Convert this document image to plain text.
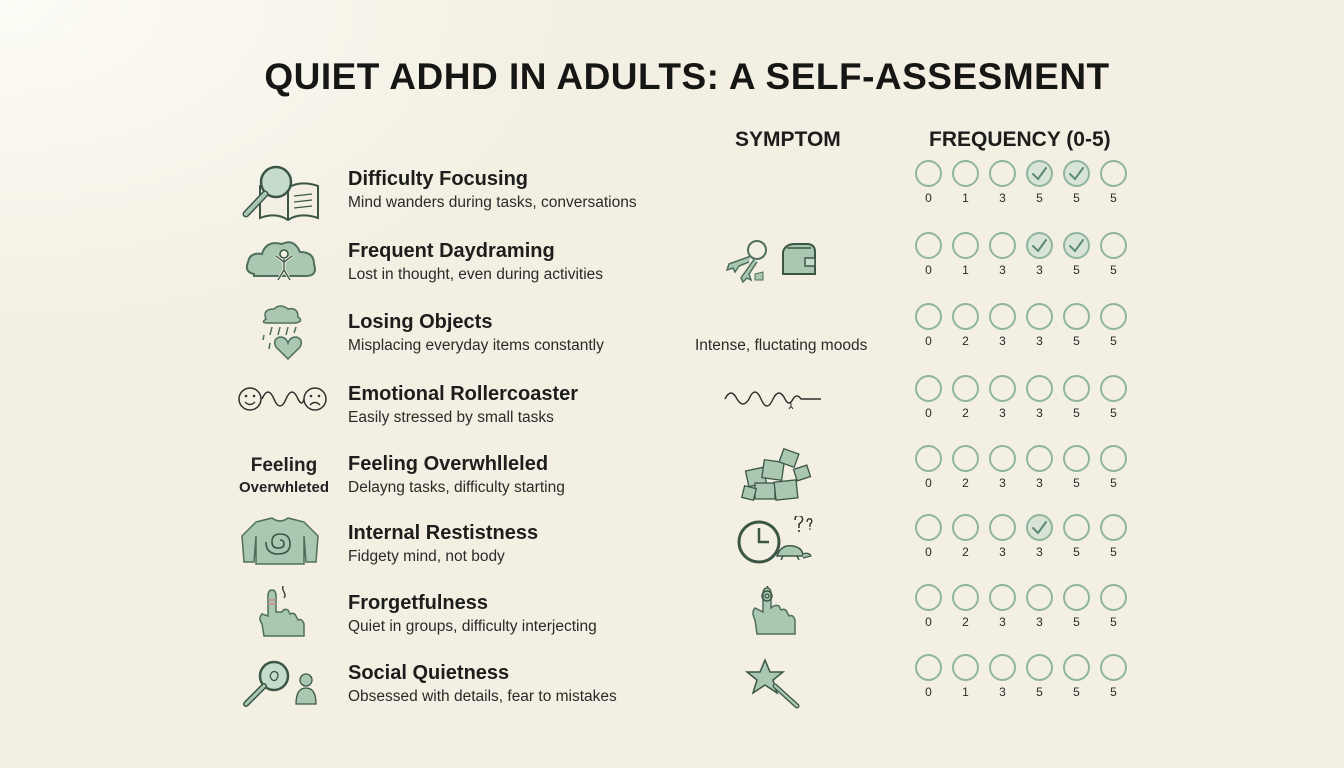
QUIET ADHD IN ADULTS: A SELF-ASSESMENT
SYMPTOM	FREQUENCY (0-5)
Difficulty Focusing
Mind wanders during tasks, conversations	0	1	3	5	5	5
Frequent Daydraming
Lost in thought, even during activities	0	1	3	3	5	5
Losing Objects
Misplacing everyday items constantly	Intense, fluctating moods	0	2	3	3	5	5
Emotional Rollercoaster
Easily stressed by small tasks	0	2	3	3	5	5
Feeling
Overwhleted
Feeling Overwhlleled
Delayng tasks, difficulty starting	0	2	3	3	5	5
Internal Restistness
Fidgety mind, not body	0	2	3	3	5	5
Frorgetfulness
Quiet in groups, difficulty interjecting	0	2	3	3	5	5
Social Quietness
Obsessed with details, fear to mistakes	0	1	3	5	5	5
